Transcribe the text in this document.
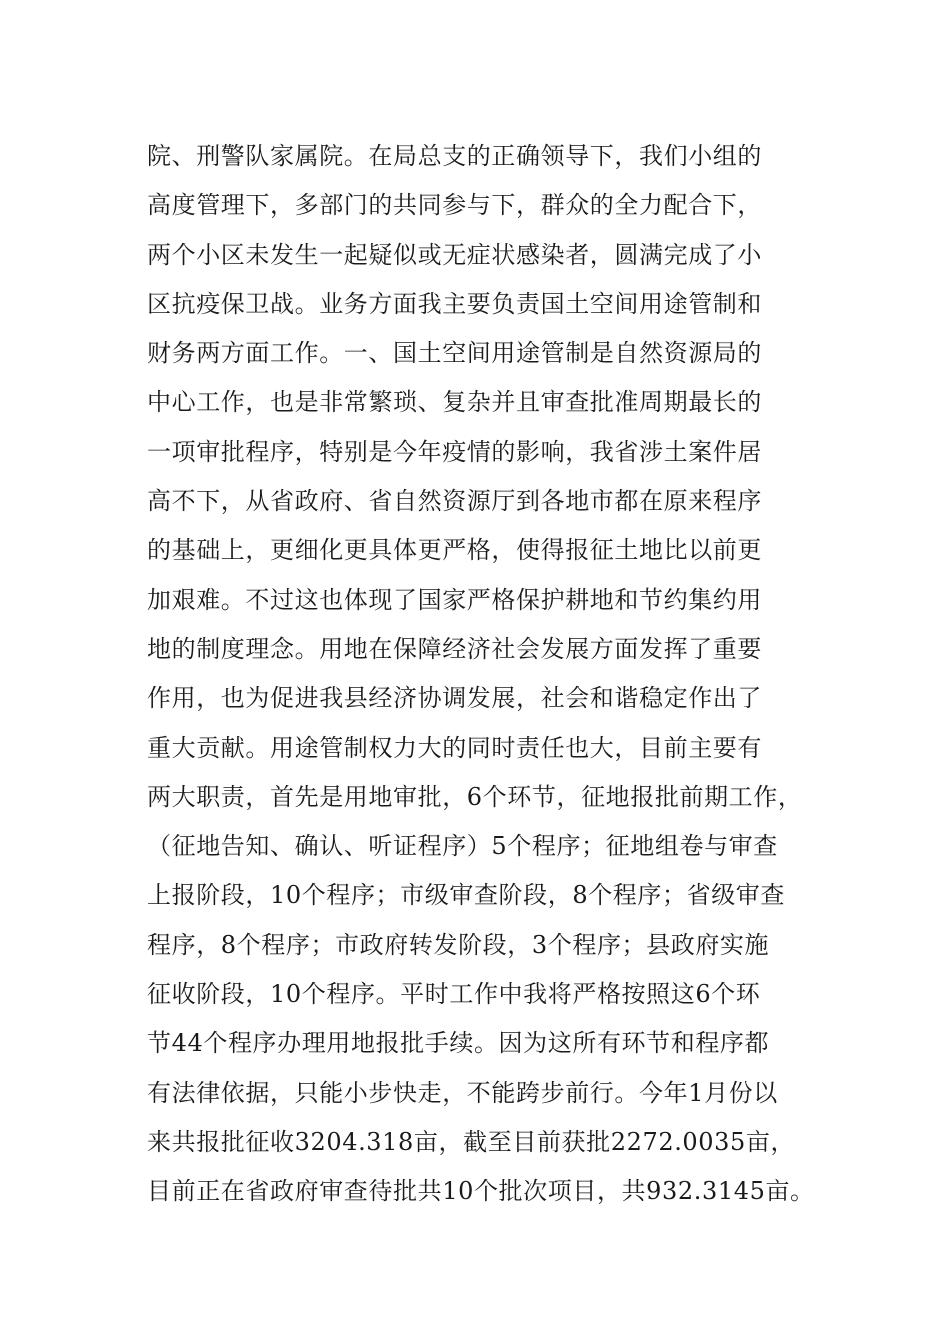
院、刑警队家属院。在局总支的正确领导下，我们小组的
高度管理下，多部门的共同参与下，群众的全力配合下，
两个小区未发生一起疑似或无症状感染者，圆满完成了小
区抗疫保卫战。业务方面我主要负责国土空间用途管制和
财务两方面工作。一、国土空间用途管制是自然资源局的
中心工作，也是非常繁琐、复杂并且审查批准周期最长的
一项审批程序，特别是今年疫情的影响，我省涉土案件居
高不下，从省政府、省自然资源厅到各地市都在原来程序
的基础上，更细化更具体更严格，使得报征土地比以前更
加艰难。不过这也体现了国家严格保护耕地和节约集约用
地的制度理念。用地在保障经济社会发展方面发挥了重要
作用，也为促进我县经济协调发展，社会和谐稳定作出了
重大贡献。用途管制权力大的同时责任也大，目前主要有
两大职责，首先是用地审批，6个环节，征地报批前期工作，
（征地告知、确认、听证程序）5个程序；征地组卷与审查
上报阶段，10个程序；市级审查阶段，8个程序；省级审查
程序，8个程序；市政府转发阶段，3个程序；县政府实施
征收阶段，10个程序。平时工作中我将严格按照这6个环
节44个程序办理用地报批手续。因为这所有环节和程序都
有法律依据，只能小步快走，不能跨步前行。今年1月份以
来共报批征收3204.318亩，截至目前获批2272.0035亩，
目前正在省政府审查待批共10个批次项目，共932.3145亩。
